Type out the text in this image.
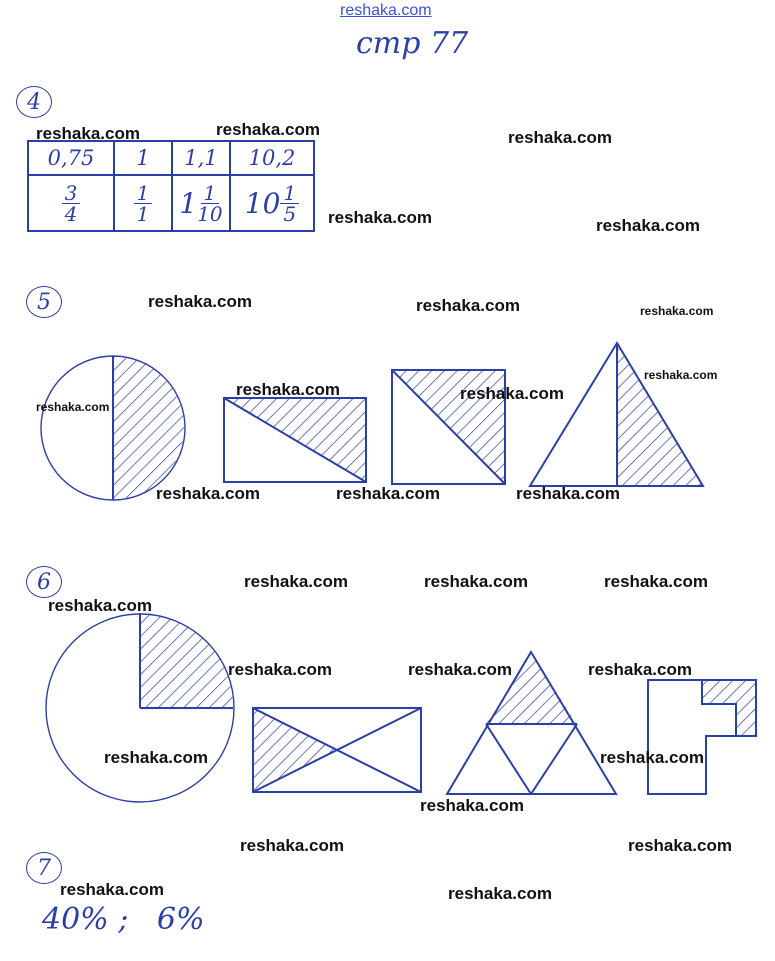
reshaka.com
стр 77
4
5
6
7
0,75	1	1,1	10,2

$\frac{3}{4}$	$\frac{1}{1}$	$1 \frac{1}{10}$	$10 \frac{1}{5}$
40% ;   6%
reshaka.com	reshaka.com	reshaka.com
reshaka.com	reshaka.com
reshaka.com	reshaka.com	reshaka.com
reshaka.com
reshaka.com
reshaka.com
reshaka.com
reshaka.com	reshaka.com	reshaka.com
reshaka.com	reshaka.com	reshaka.com
reshaka.com
reshaka.com	reshaka.com	reshaka.com
reshaka.com	reshaka.com
reshaka.com
reshaka.com	reshaka.com
reshaka.com	reshaka.com
